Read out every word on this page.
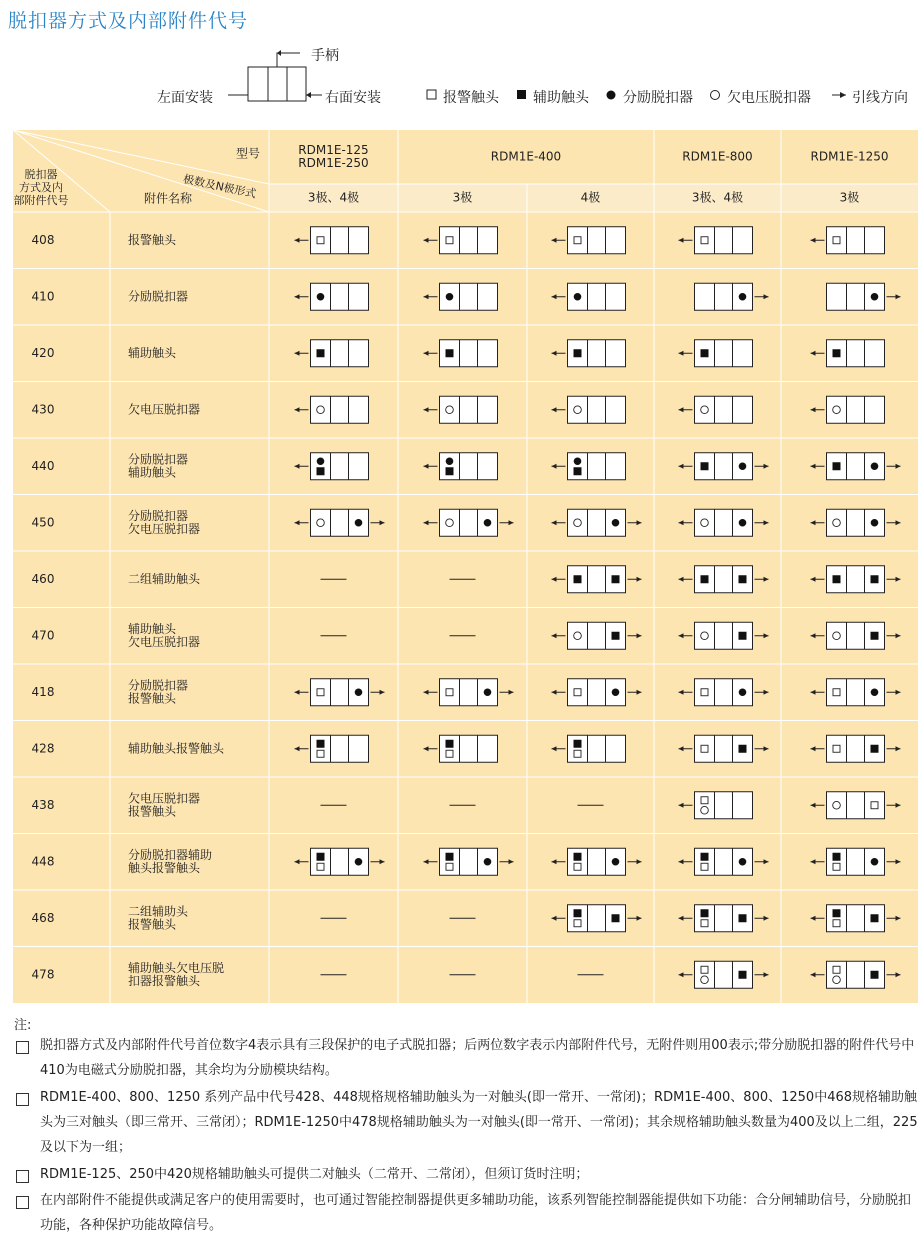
脱扣器方式及内部附件代号
手柄
左面安装	右面安装	报警触头 辅助触头 分励脱扣器 欠电压脱扣器	引线方向
型号
极数及N极形式
脱扣器
方式及内
部附件代号	附件名称
RDM1E-125
RDM1E-250	RDM1E-400	RDM1E-800	RDM1E-1250
3极、4极	3极	4极	3极、4极	3极
408	报警触头
410	分励脱扣器
420	辅助触头
430	欠电压脱扣器
440	分励脱扣器
辅助触头
450	分励脱扣器
欠电压脱扣器
460	二组辅助触头
470	辅助触头
欠电压脱扣器
418	分励脱扣器
报警触头
428	辅助触头报警触头
438	欠电压脱扣器
报警触头
448	分励脱扣器辅助
触头报警触头
468	二组辅助头
报警触头
478	辅助触头欠电压脱
扣器报警触头
注:
脱扣器方式及内部附件代号首位数字4表示具有三段保护的电子式脱扣器；后两位数字表示内部附件代号，无附件则用00表示;带分励脱扣器的附件代号中410为电磁式分励脱扣器，其余均为分励模块结构。
RDM1E-400、800、1250 系列产品中代号428、448规格规格辅助触头为一对触头(即一常开、一常闭)；RDM1E-400、800、1250中468规格辅助触头为三对触头（即三常开、三常闭）；RDM1E-1250中478规格辅助触头为一对触头(即一常开、一常闭)；其余规格辅助触头数量为400及以上二组，225及以下为一组；
RDM1E-125、250中420规格辅助触头可提供二对触头（二常开、二常闭），但须订货时注明；
在内部附件不能提供或满足客户的使用需要时，也可通过智能控制器提供更多辅助功能，该系列智能控制器能提供如下功能：合分闸辅助信号，分励脱扣功能，各种保护功能故障信号。
